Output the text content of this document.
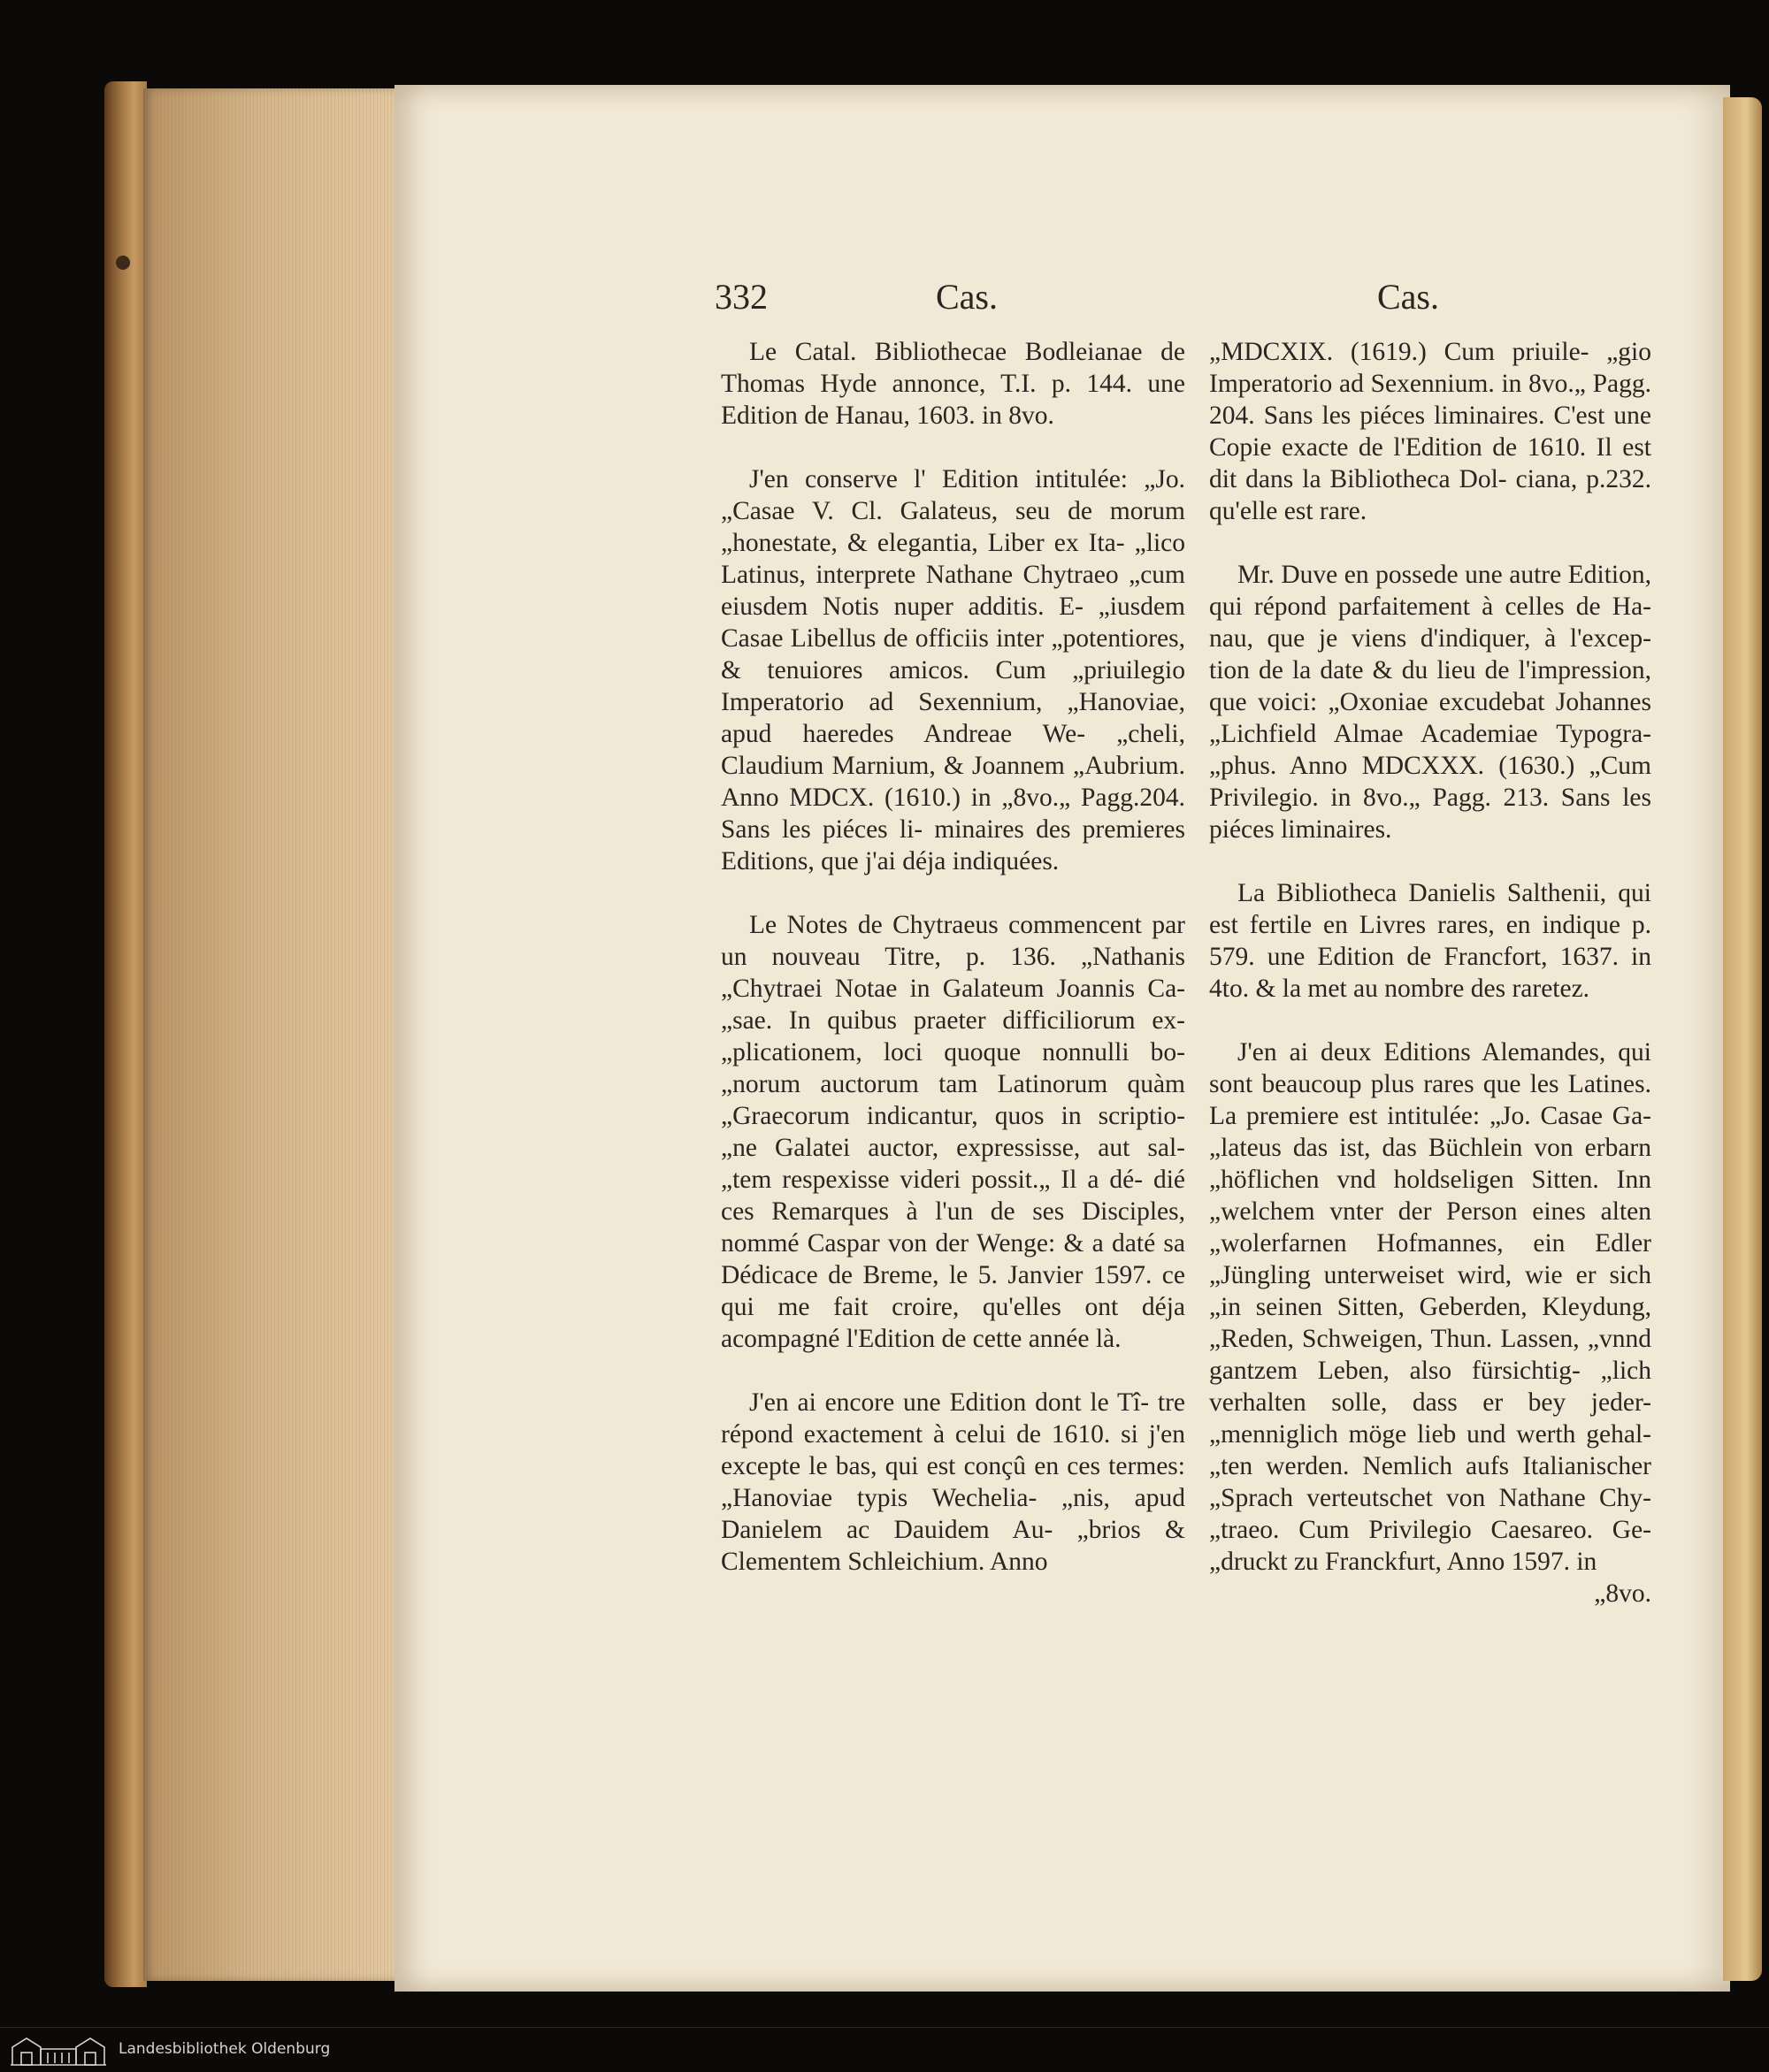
332	Cas.	Cas.

Le Catal. Bibliothecae Bodleianae de Thomas Hyde annonce, T.I. p. 144. une Edition de Hanau, 1603. in 8vo.

J'en conserve l' Edition intitulée: „Jo. „Casae V. Cl. Galateus, seu de morum „honestate, & elegantia, Liber ex Ita- „lico Latinus, interprete Nathane Chytraeo „cum eiusdem Notis nuper additis. E- „iusdem Casae Libellus de officiis inter „potentiores, & tenuiores amicos. Cum „priuilegio Imperatorio ad Sexennium, „Hanoviae, apud haeredes Andreae We- „cheli, Claudium Marnium, & Joannem „Aubrium. Anno MDCX. (1610.) in „8vo.„ Pagg.204. Sans les piéces li- minaires des premieres Editions, que j'ai déja indiquées.

Le Notes de Chytraeus commencent par un nouveau Titre, p. 136. „Nathanis „Chytraei Notae in Galateum Joannis Ca- „sae. In quibus praeter difficiliorum ex- „plicationem, loci quoque nonnulli bo- „norum auctorum tam Latinorum quàm „Graecorum indicantur, quos in scriptio- „ne Galatei auctor, expressisse, aut sal- „tem respexisse videri possit.„ Il a dé- dié ces Remarques à l'un de ses Disciples, nommé Caspar von der Wenge: & a daté sa Dédicace de Breme, le 5. Janvier 1597. ce qui me fait croire, qu'elles ont déja acompagné l'Edition de cette année là.

J'en ai encore une Edition dont le Tî- tre répond exactement à celui de 1610. si j'en excepte le bas, qui est conçû en ces termes: „Hanoviae typis Wechelia- „nis, apud Danielem ac Dauidem Au- „brios & Clementem Schleichium. Anno

„MDCXIX. (1619.) Cum priuile- „gio Imperatorio ad Sexennium. in 8vo.„ Pagg. 204. Sans les piéces liminaires. C'est une Copie exacte de l'Edition de 1610. Il est dit dans la Bibliotheca Dol- ciana, p.232. qu'elle est rare.

Mr. Duve en possede une autre Edition, qui répond parfaitement à celles de Ha- nau, que je viens d'indiquer, à l'excep- tion de la date & du lieu de l'impression, que voici: „Oxoniae excudebat Johannes „Lichfield Almae Academiae Typogra- „phus. Anno MDCXXX. (1630.) „Cum Privilegio. in 8vo.„ Pagg. 213. Sans les piéces liminaires.

La Bibliotheca Danielis Salthenii, qui est fertile en Livres rares, en indique p. 579. une Edition de Francfort, 1637. in 4to. & la met au nombre des raretez.

J'en ai deux Editions Alemandes, qui sont beaucoup plus rares que les Latines. La premiere est intitulée: „Jo. Casae Ga- „lateus das ist, das Büchlein von erbarn „höflichen vnd holdseligen Sitten. Inn „welchem vnter der Person eines alten „wolerfarnen Hofmannes, ein Edler „Jüngling unterweiset wird, wie er sich „in seinen Sitten, Geberden, Kleydung, „Reden, Schweigen, Thun. Lassen, „vnnd gantzem Leben, also fürsichtig- „lich verhalten solle, dass er bey jeder- „menniglich möge lieb und werth gehal- „ten werden. Nemlich aufs Italianischer „Sprach verteutschet von Nathane Chy- „traeo. Cum Privilegio Caesareo. Ge- „druckt zu Franckfurt, Anno 1597. in

„8vo.

Landesbibliothek Oldenburg
